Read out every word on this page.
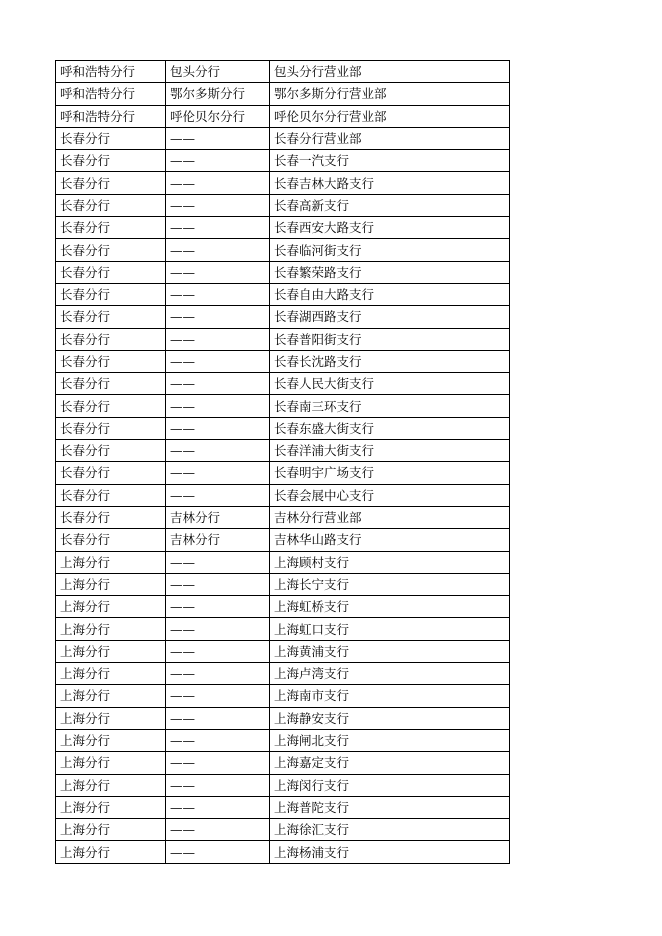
呼和浩特分行	包头分行	包头分行营业部
呼和浩特分行	鄂尔多斯分行	鄂尔多斯分行营业部
呼和浩特分行	呼伦贝尔分行	呼伦贝尔分行营业部
长春分行	——	长春分行营业部
长春分行	——	长春一汽支行
长春分行	——	长春吉林大路支行
长春分行	——	长春高新支行
长春分行	——	长春西安大路支行
长春分行	——	长春临河街支行
长春分行	——	长春繁荣路支行
长春分行	——	长春自由大路支行
长春分行	——	长春湖西路支行
长春分行	——	长春普阳街支行
长春分行	——	长春长沈路支行
长春分行	——	长春人民大街支行
长春分行	——	长春南三环支行
长春分行	——	长春东盛大街支行
长春分行	——	长春洋浦大街支行
长春分行	——	长春明宇广场支行
长春分行	——	长春会展中心支行
长春分行	吉林分行	吉林分行营业部
长春分行	吉林分行	吉林华山路支行
上海分行	——	上海顾村支行
上海分行	——	上海长宁支行
上海分行	——	上海虹桥支行
上海分行	——	上海虹口支行
上海分行	——	上海黄浦支行
上海分行	——	上海卢湾支行
上海分行	——	上海南市支行
上海分行	——	上海静安支行
上海分行	——	上海闸北支行
上海分行	——	上海嘉定支行
上海分行	——	上海闵行支行
上海分行	——	上海普陀支行
上海分行	——	上海徐汇支行
上海分行	——	上海杨浦支行
